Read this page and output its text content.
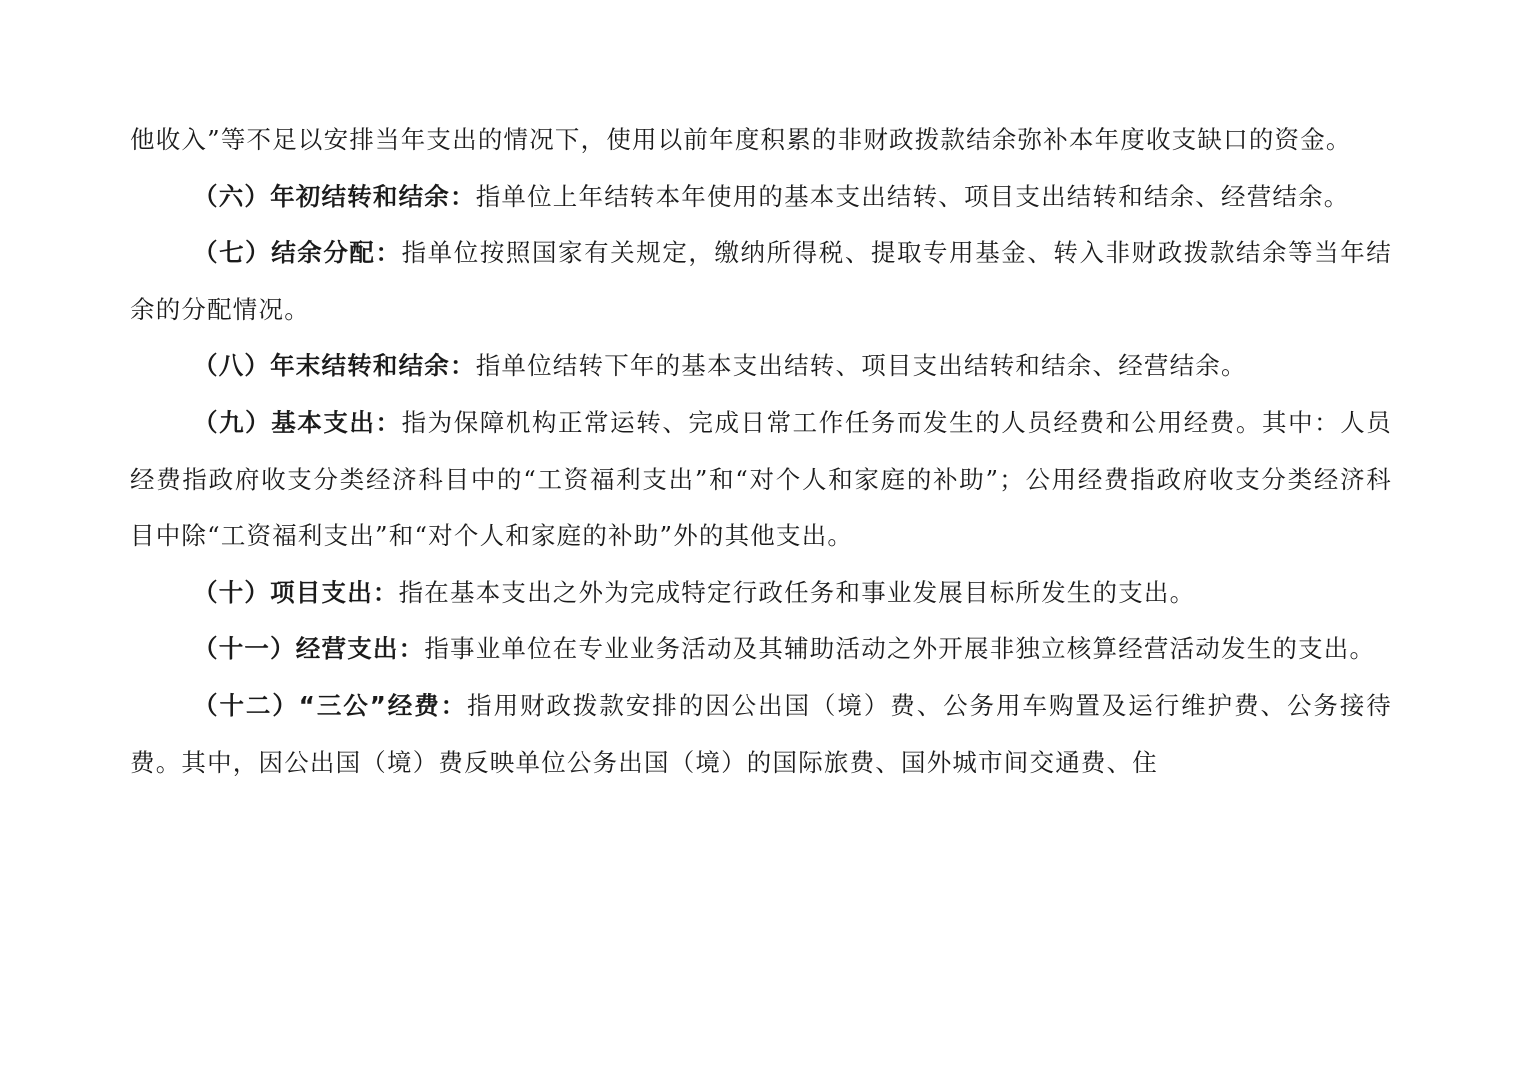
他收入”等不足以安排当年支出的情况下，使用以前年度积累的非财政拨款结余弥补本年度收支缺口的资金。

（六）年初结转和结余：指单位上年结转本年使用的基本支出结转、项目支出结转和结余、经营结余。

（七）结余分配：指单位按照国家有关规定，缴纳所得税、提取专用基金、转入非财政拨款结余等当年结余的分配情况。

（八）年末结转和结余：指单位结转下年的基本支出结转、项目支出结转和结余、经营结余。

（九）基本支出：指为保障机构正常运转、完成日常工作任务而发生的人员经费和公用经费。其中：人员经费指政府收支分类经济科目中的“工资福利支出”和“对个人和家庭的补助”；公用经费指政府收支分类经济科目中除“工资福利支出”和“对个人和家庭的补助”外的其他支出。

（十）项目支出：指在基本支出之外为完成特定行政任务和事业发展目标所发生的支出。

（十一）经营支出：指事业单位在专业业务活动及其辅助活动之外开展非独立核算经营活动发生的支出。

（十二）“三公”经费：指用财政拨款安排的因公出国（境）费、公务用车购置及运行维护费、公务接待费。其中，因公出国（境）费反映单位公务出国（境）的国际旅费、国外城市间交通费、住
